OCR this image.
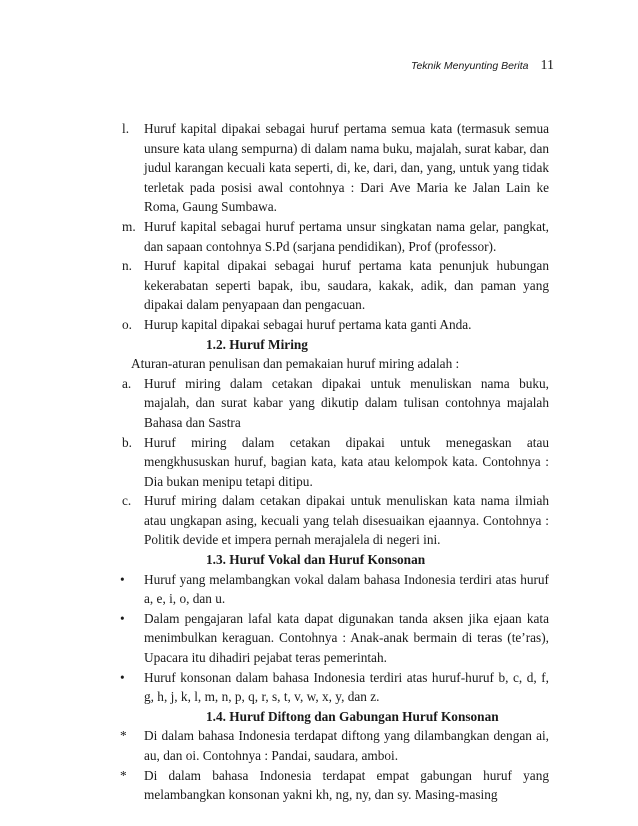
Teknik Menyunting Berita 11
l. Huruf kapital dipakai sebagai huruf pertama semua kata (termasuk semua unsure kata ulang sempurna) di dalam nama buku, majalah, surat kabar, dan judul karangan kecuali kata seperti, di, ke, dari, dan, yang, untuk yang tidak terletak pada posisi awal contohnya : Dari Ave Maria ke Jalan Lain ke Roma, Gaung Sumbawa.
m. Huruf kapital sebagai huruf pertama unsur singkatan nama gelar, pangkat, dan sapaan contohnya S.Pd (sarjana pendidikan), Prof (professor).
n. Huruf kapital dipakai sebagai huruf pertama kata penunjuk hubungan kekerabatan seperti bapak, ibu, saudara, kakak, adik, dan paman yang dipakai dalam penyapaan dan pengacuan.
o. Hurup kapital dipakai sebagai huruf pertama kata ganti Anda.
1.2. Huruf Miring
Aturan-aturan penulisan dan pemakaian huruf miring adalah :
a. Huruf miring dalam cetakan dipakai untuk menuliskan nama buku, majalah, dan surat kabar yang dikutip dalam tulisan contohnya majalah Bahasa dan Sastra
b. Huruf miring dalam cetakan dipakai untuk menegaskan atau mengkhususkan huruf, bagian kata, kata atau kelompok kata. Contohnya : Dia bukan menipu tetapi ditipu.
c. Huruf miring dalam cetakan dipakai untuk menuliskan kata nama ilmiah atau ungkapan asing, kecuali yang telah disesuaikan ejaannya. Contohnya : Politik devide et impera pernah merajalela di negeri ini.
1.3. Huruf Vokal dan Huruf Konsonan
• Huruf yang melambangkan vokal dalam bahasa Indonesia terdiri atas huruf a, e, i, o, dan u.
• Dalam pengajaran lafal kata dapat digunakan tanda aksen jika ejaan kata menimbulkan keraguan. Contohnya : Anak-anak bermain di teras (te’ras), Upacara itu dihadiri pejabat teras pemerintah.
• Huruf konsonan dalam bahasa Indonesia terdiri atas huruf-huruf b, c, d, f, g, h, j, k, l, m, n, p, q, r, s, t, v, w, x, y, dan z.
1.4. Huruf Diftong dan Gabungan Huruf Konsonan
* Di dalam bahasa Indonesia terdapat diftong yang dilambangkan dengan ai, au, dan oi. Contohnya : Pandai, saudara, amboi.
* Di dalam bahasa Indonesia terdapat empat gabungan huruf yang melambangkan konsonan yakni kh, ng, ny, dan sy. Masing-masing
